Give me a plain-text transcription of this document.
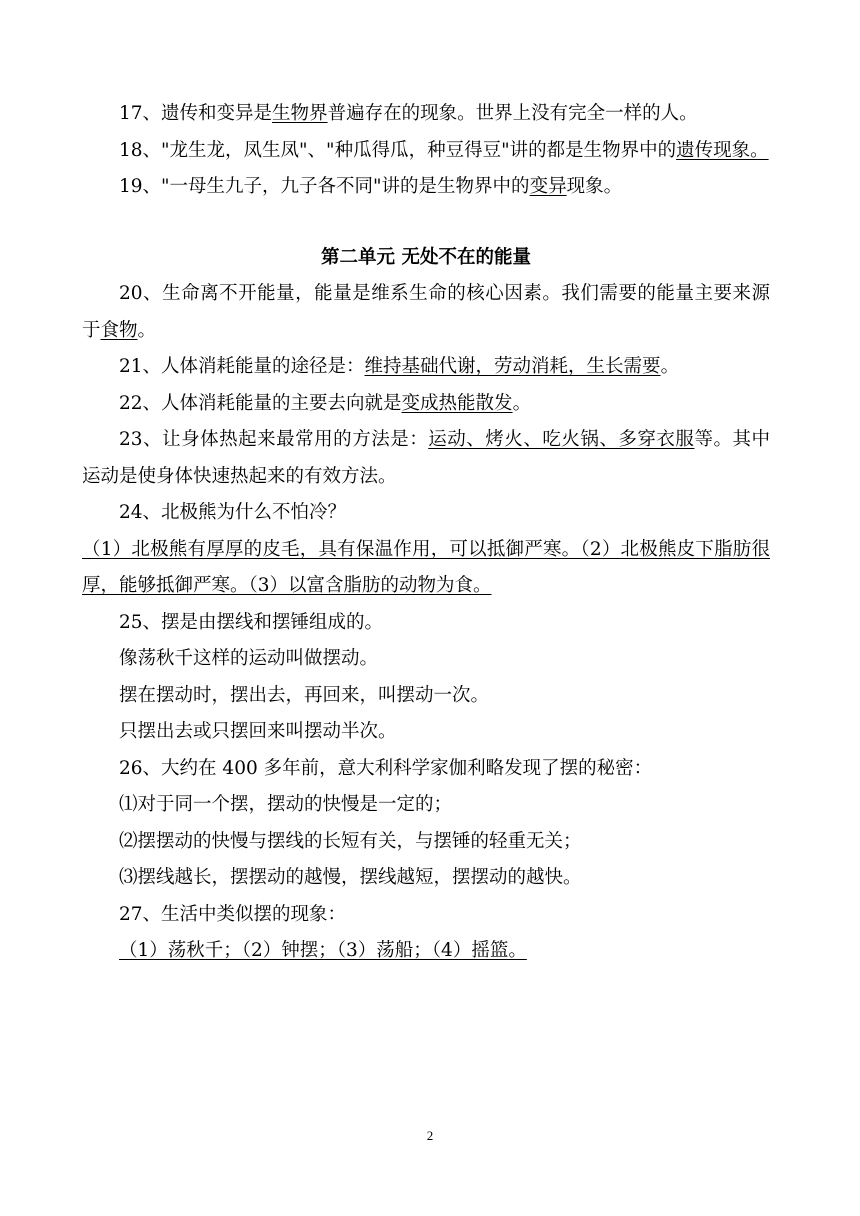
17、遗传和变异是生物界普遍存在的现象。世界上没有完全一样的人。

18、"龙生龙，凤生凤"、"种瓜得瓜，种豆得豆"讲的都是生物界中的遗传现象。

19、"一母生九子，九子各不同"讲的是生物界中的变异现象。

第二单元 无处不在的能量

20、生命离不开能量，能量是维系生命的核心因素。我们需要的能量主要来源于食物。

21、人体消耗能量的途径是：维持基础代谢，劳动消耗，生长需要。

22、人体消耗能量的主要去向就是变成热能散发。

23、让身体热起来最常用的方法是：运动、烤火、吃火锅、多穿衣服等。其中运动是使身体快速热起来的有效方法。

24、北极熊为什么不怕冷？

（1）北极熊有厚厚的皮毛，具有保温作用，可以抵御严寒。（2）北极熊皮下脂肪很厚，能够抵御严寒。（3）以富含脂肪的动物为食。

25、摆是由摆线和摆锤组成的。

像荡秋千这样的运动叫做摆动。

摆在摆动时，摆出去，再回来，叫摆动一次。

只摆出去或只摆回来叫摆动半次。

26、大约在 400 多年前，意大利科学家伽利略发现了摆的秘密：

⑴对于同一个摆，摆动的快慢是一定的；

⑵摆摆动的快慢与摆线的长短有关，与摆锤的轻重无关；

⑶摆线越长，摆摆动的越慢，摆线越短，摆摆动的越快。

27、生活中类似摆的现象：

（1）荡秋千；（2）钟摆；（3）荡船；（4）摇篮。

2
